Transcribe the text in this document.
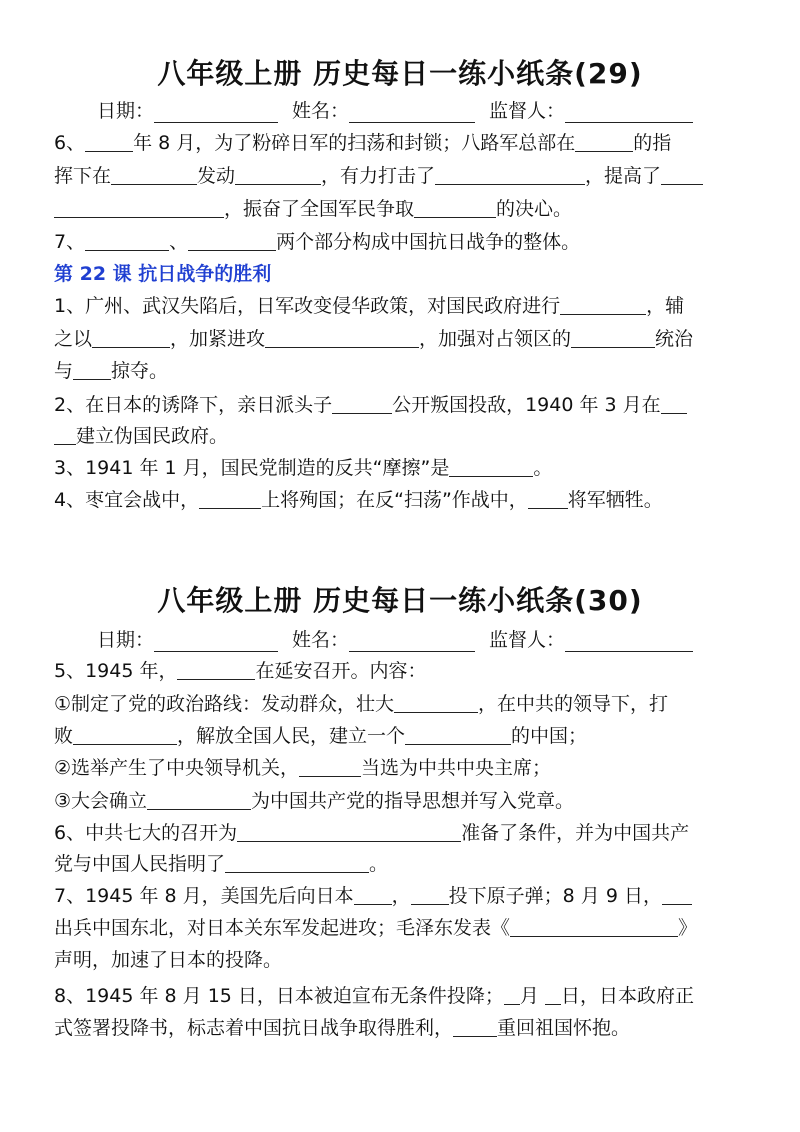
八年级上册 历史每日一练小纸条(29)
日期：	姓名：	监督人：
6、	年 8 月，为了粉碎日军的扫荡和封锁；八路军总部在	的指
挥下在	发动	，有力打击了	，提高了
，振奋了全国军民争取	的决心。
7、	、	两个部分构成中国抗日战争的整体。
第 22 课 抗日战争的胜利
1、广州、武汉失陷后，日军改变侵华政策，对国民政府进行	，辅
之以	，加紧进攻	，加强对占领区的	统治
与 掠夺。
2、在日本的诱降下，亲日派头子	公开叛国投敌，1940 年 3 月在
建立伪国民政府。
3、1941 年 1 月，国民党制造的反共“摩擦”是	。
4、枣宜会战中，	上将殉国；在反“扫荡”作战中， 将军牺牲。
八年级上册 历史每日一练小纸条(30)
日期：	姓名：	监督人：
5、1945 年，	在延安召开。内容：
①制定了党的政治路线：发动群众，壮大	，在中共的领导下，打
败	，解放全国人民，建立一个	的中国；
②选举产生了中央领导机关，	当选为中共中央主席；
③大会确立	为中国共产党的指导思想并写入党章。
6、中共七大的召开为	准备了条件，并为中国共产
党与中国人民指明了	。
7、1945 年 8 月，美国先后向日本 ， 投下原子弹；8 月 9 日，
出兵中国东北，对日本关东军发起进攻；毛泽东发表《	》
声明，加速了日本的投降。
8、1945 年 8 月 15 日，日本被迫宣布无条件投降； 月 日，日本政府正
式签署投降书，标志着中国抗日战争取得胜利， 重回祖国怀抱。
